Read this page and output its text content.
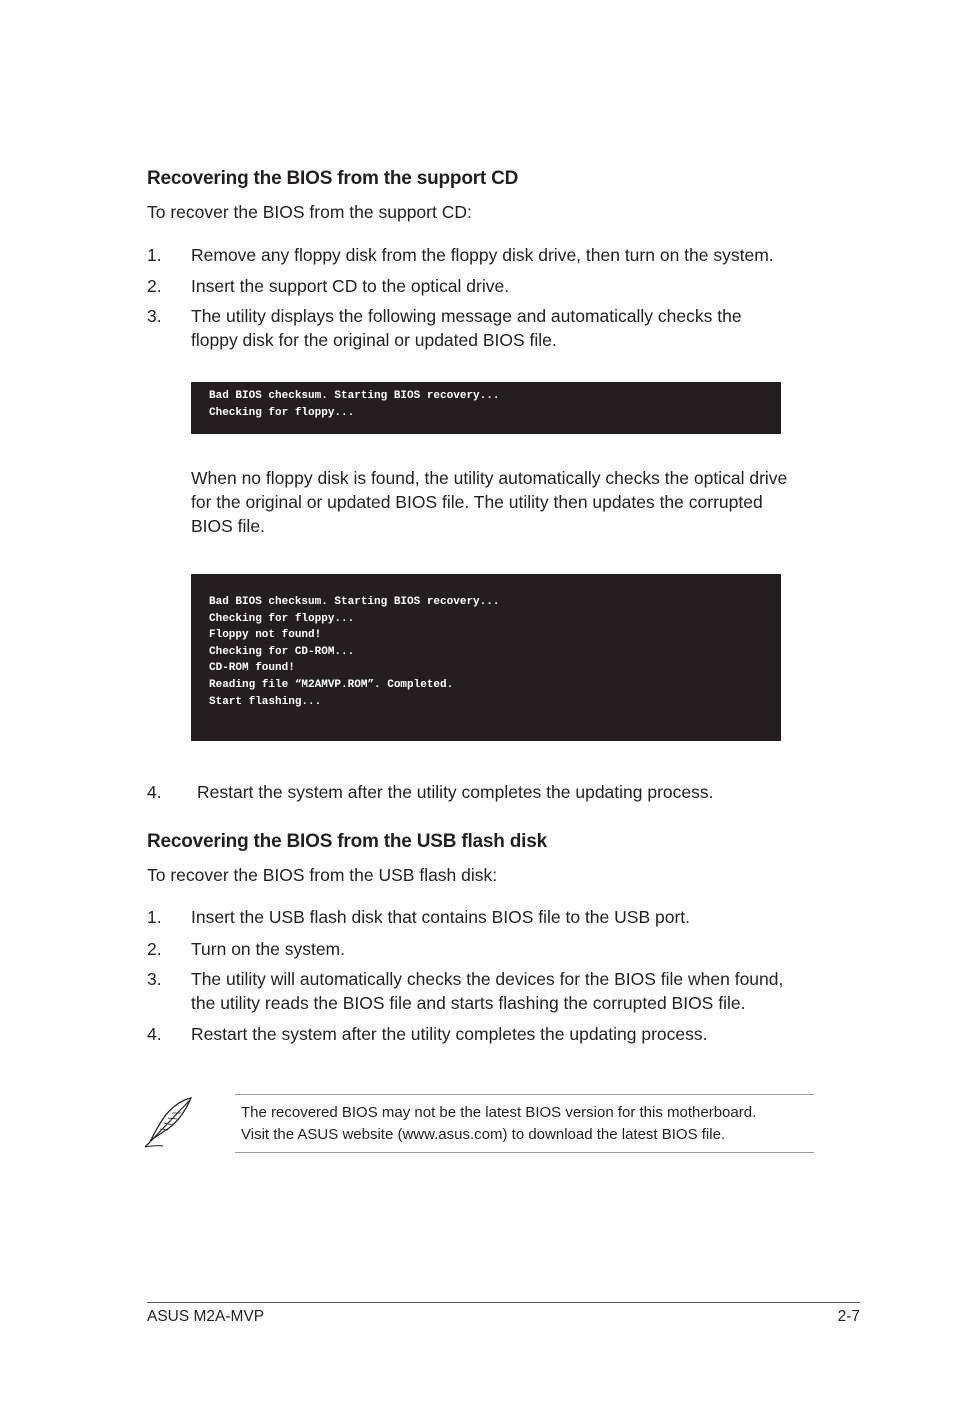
Recovering the BIOS from the support CD
To recover the BIOS from the support CD:
1. Remove any floppy disk from the floppy disk drive, then turn on the system.
2. Insert the support CD to the optical drive.
3. The utility displays the following message and automatically checks the
floppy disk for the original or updated BIOS file.
Bad BIOS checksum. Starting BIOS recovery...
Checking for floppy...
When no floppy disk is found, the utility automatically checks the optical drive
for the original or updated BIOS file. The utility then updates the corrupted
BIOS file.
Bad BIOS checksum. Starting BIOS recovery...
Checking for floppy...
Floppy not found!
Checking for CD-ROM...
CD-ROM found!
Reading file “M2AMVP.ROM”. Completed.
Start flashing...
4. Restart the system after the utility completes the updating process.
Recovering the BIOS from the USB flash disk
To recover the BIOS from the USB flash disk:
1. Insert the USB flash disk that contains BIOS file to the USB port.
2. Turn on the system.
3. The utility will automatically checks the devices for the BIOS file when found,
the utility reads the BIOS file and starts flashing the corrupted BIOS file.
4. Restart the system after the utility completes the updating process.
The recovered BIOS may not be the latest BIOS version for this motherboard.
Visit the ASUS website (www.asus.com) to download the latest BIOS file.
ASUS M2A-MVP	2-7
